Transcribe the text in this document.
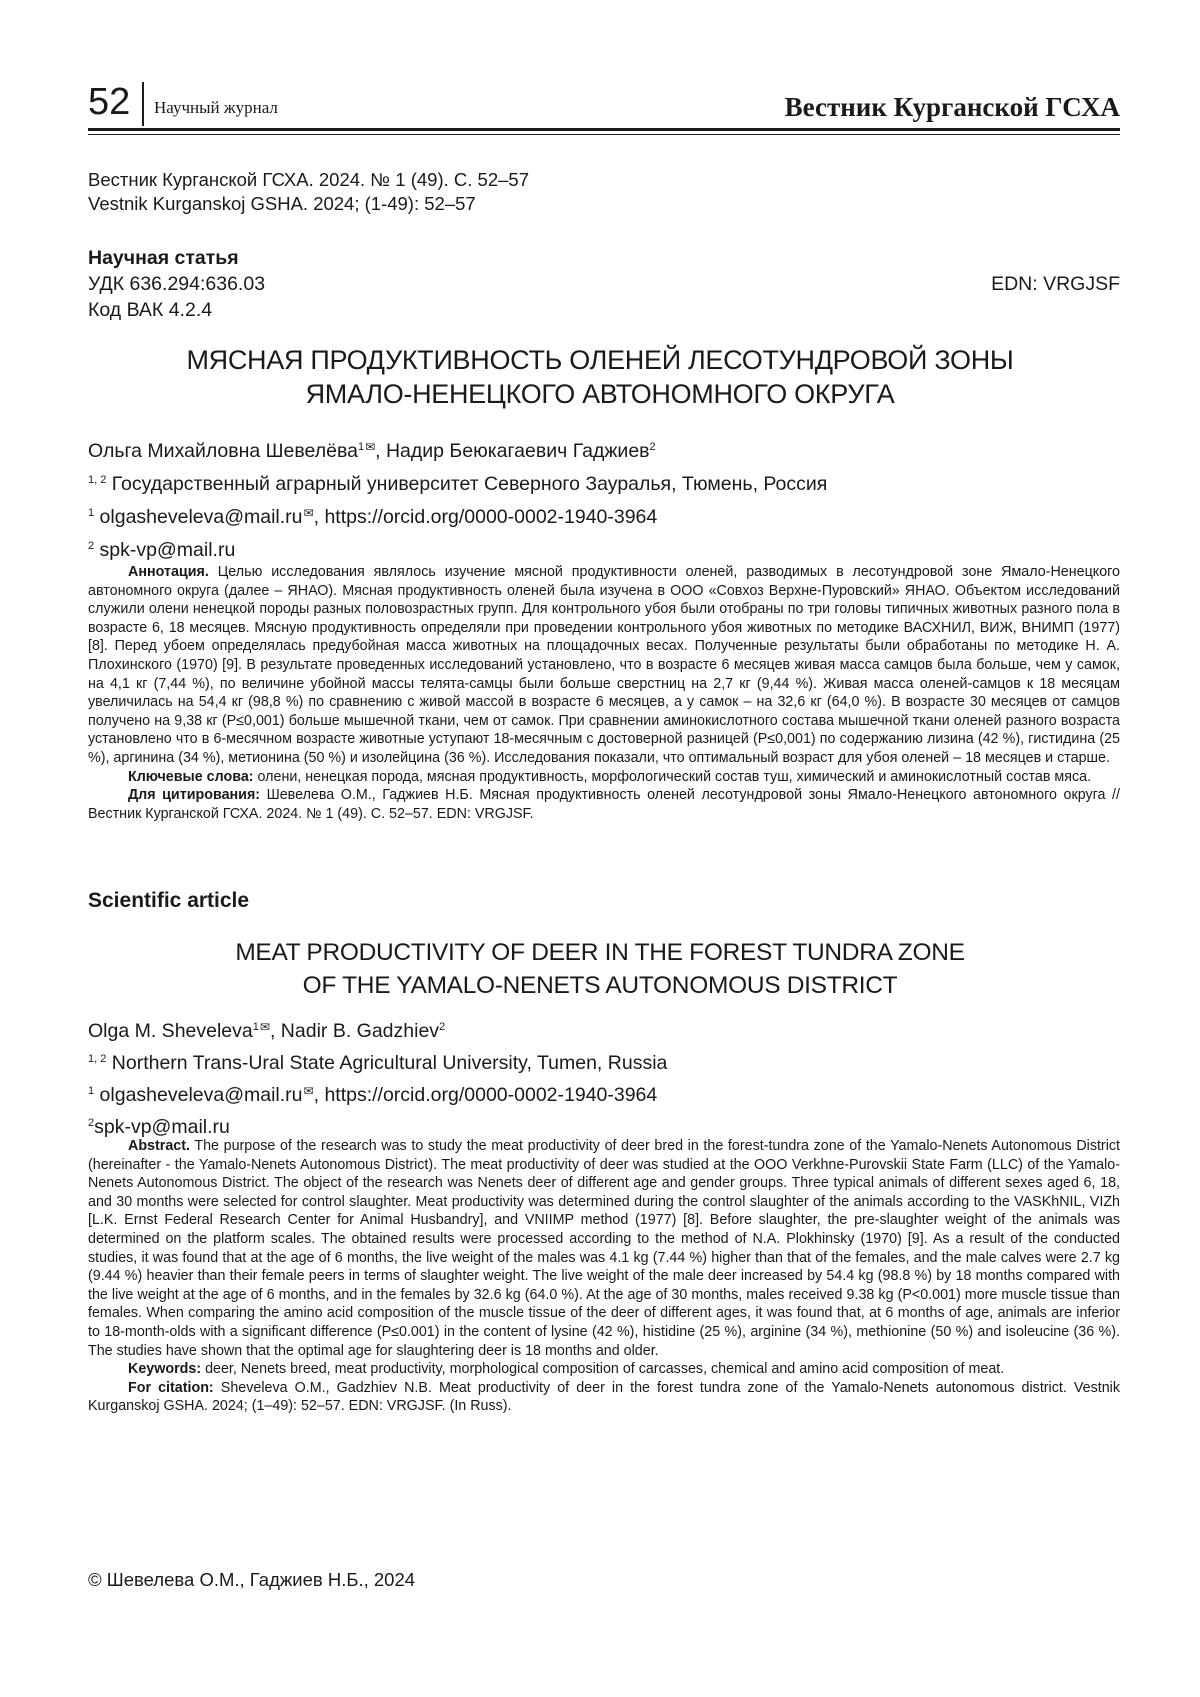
52 Научный журнал	Вестник Курганской ГСХА
Вестник Курганской ГСХА. 2024. № 1 (49). С. 52–57
Vestnik Kurganskoj GSHA. 2024; (1-49): 52–57
Научная статья
УДК 636.294:636.03
Код ВАК 4.2.4
EDN: VRGJSF
МЯСНАЯ ПРОДУКТИВНОСТЬ ОЛЕНЕЙ ЛЕСОТУНДРОВОЙ ЗОНЫ
ЯМАЛО-НЕНЕЦКОГО АВТОНОМНОГО ОКРУГА
Ольга Михайловна Шевелёва$^{1✉}$, Надир Беюкагаевич Гаджиев$^2$
$^{1, 2}$ Государственный аграрный университет Северного Зауралья, Тюмень, Россия
$^1$ olgasheveleva@mail.ru✉, https://orcid.org/0000-0002-1940-3964
$^2$ spk-vp@mail.ru

Аннотация. Целью исследования являлось изучение мясной продуктивности оленей, разводимых в лесотундровой зоне Ямало-Ненецкого автономного округа (далее – ЯНАО). Мясная продуктивность оленей была изучена в ООО «Совхоз Верхне-Пуровский» ЯНАО. Объектом исследований служили олени ненецкой породы разных половозрастных групп. Для контрольного убоя были отобраны по три головы типичных животных разного пола в возрасте 6, 18 месяцев. Мясную продуктивность определяли при проведении контрольного убоя животных по методике ВАСХНИЛ, ВИЖ, ВНИМП (1977) [8]. Перед убоем определялась предубойная масса животных на площадочных весах. Полученные результаты были обработаны по методике Н. А. Плохинского (1970) [9]. В результате проведенных исследований установлено, что в возрасте 6 месяцев живая масса самцов была больше, чем у самок, на 4,1 кг (7,44 %), по величине убойной массы телята-самцы были больше сверстниц на 2,7 кг (9,44 %). Живая масса оленей-самцов к 18 месяцам увеличилась на 54,4 кг (98,8 %) по сравнению с живой массой в возрасте 6 месяцев, а у самок – на 32,6 кг (64,0 %). В возрасте 30 месяцев от самцов получено на 9,38 кг (P≤0,001) больше мышечной ткани, чем от самок. При сравнении аминокислотного состава мышечной ткани оленей разного возраста установлено что в 6-месячном возрасте животные уступают 18-месячным с достоверной разницей (P≤0,001) по содержанию лизина (42 %), гистидина (25 %), аргинина (34 %), метионина (50 %) и изолейцина (36 %). Исследования показали, что оптимальный возраст для убоя оленей – 18 месяцев и старше.

Ключевые слова: олени, ненецкая порода, мясная продуктивность, морфологический состав туш, химический и аминокислотный состав мяса.

Для цитирования: Шевелева О.М., Гаджиев Н.Б. Мясная продуктивность оленей лесотундровой зоны Ямало-Ненецкого автономного округа // Вестник Курганской ГСХА. 2024. № 1 (49). С. 52–57. EDN: VRGJSF.

Scientific article
MEAT PRODUCTIVITY OF DEER IN THE FOREST TUNDRA ZONE
OF THE YAMALO-NENETS AUTONOMOUS DISTRICT
Olga M. Sheveleva$^{1✉}$, Nadir B. Gadzhiev$^2$
$^{1, 2}$ Northern Trans-Ural State Agricultural University, Tumen, Russia
$^1$ olgasheveleva@mail.ru✉, https://orcid.org/0000-0002-1940-3964
$^2$spk-vp@mail.ru

Abstract. The purpose of the research was to study the meat productivity of deer bred in the forest-tundra zone of the Yamalo-Nenets Autonomous District (hereinafter - the Yamalo-Nenets Autonomous District). The meat productivity of deer was studied at the OOO Verkhne-Purovskii State Farm (LLC) of the Yamalo-Nenets Autonomous District. The object of the research was Nenets deer of different age and gender groups. Three typical animals of different sexes aged 6, 18, and 30 months were selected for control slaughter. Meat productivity was determined during the control slaughter of the animals according to the VASKhNIL, VIZh [L.K. Ernst Federal Research Center for Animal Husbandry], and VNIIMP method (1977) [8]. Before slaughter, the pre-slaughter weight of the animals was determined on the platform scales. The obtained results were processed according to the method of N.A. Plokhinsky (1970) [9]. As a result of the conducted studies, it was found that at the age of 6 months, the live weight of the males was 4.1 kg (7.44 %) higher than that of the females, and the male calves were 2.7 kg (9.44 %) heavier than their female peers in terms of slaughter weight. The live weight of the male deer increased by 54.4 kg (98.8 %) by 18 months compared with the live weight at the age of 6 months, and in the females by 32.6 kg (64.0 %). At the age of 30 months, males received 9.38 kg (P<0.001) more muscle tissue than females. When comparing the amino acid composition of the muscle tissue of the deer of different ages, it was found that, at 6 months of age, animals are inferior to 18-month-olds with a significant difference (P≤0.001) in the content of lysine (42 %), histidine (25 %), arginine (34 %), methionine (50 %) and isoleucine (36 %). The studies have shown that the optimal age for slaughtering deer is 18 months and older.

Keywords: deer, Nenets breed, meat productivity, morphological composition of carcasses, chemical and amino acid composition of meat.

For citation: Sheveleva O.M., Gadzhiev N.B. Meat productivity of deer in the forest tundra zone of the Yamalo-Nenets autonomous district. Vestnik Kurganskoj GSHA. 2024; (1–49): 52–57. EDN: VRGJSF. (In Russ).

© Шевелева О.М., Гаджиев Н.Б., 2024
